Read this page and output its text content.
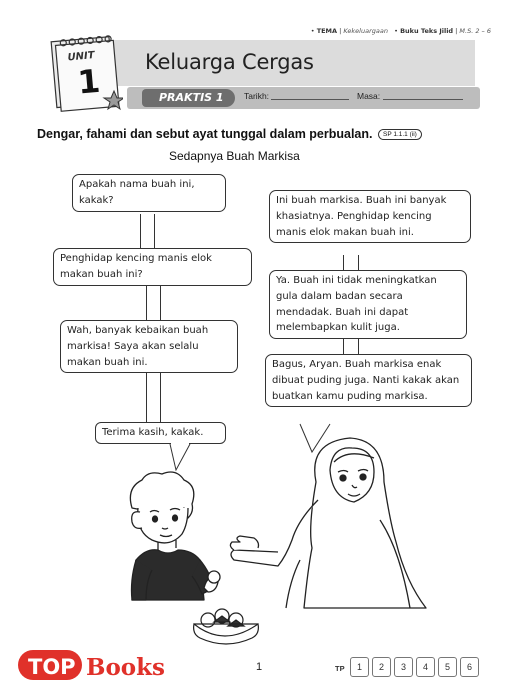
• TEMA | Kekeluargaan   • Buku Teks Jilid | M.S. 2 – 6
Keluarga Cergas
PRAKTIS 1	Tarikh:	Masa:
UNIT
1
Dengar, fahami dan sebut ayat tunggal dalam perbualan. SP 1.1.1 (ii)
Sedapnya Buah Markisa
Apakah nama buah ini, kakak?
Penghidap kencing manis elok makan buah ini?
Wah, banyak kebaikan buah markisa! Saya akan selalu makan buah ini.
Terima kasih, kakak.
Ini buah markisa. Buah ini banyak khasiatnya. Penghidap kencing manis elok makan buah ini.
Ya. Buah ini tidak meningkatkan gula dalam badan secara mendadak. Buah ini dapat melembapkan kulit juga.
Bagus, Aryan. Buah markisa enak dibuat puding juga. Nanti kakak akan buatkan kamu puding markisa.
TOP Books	1	TP	1	2	3	4	5	6
